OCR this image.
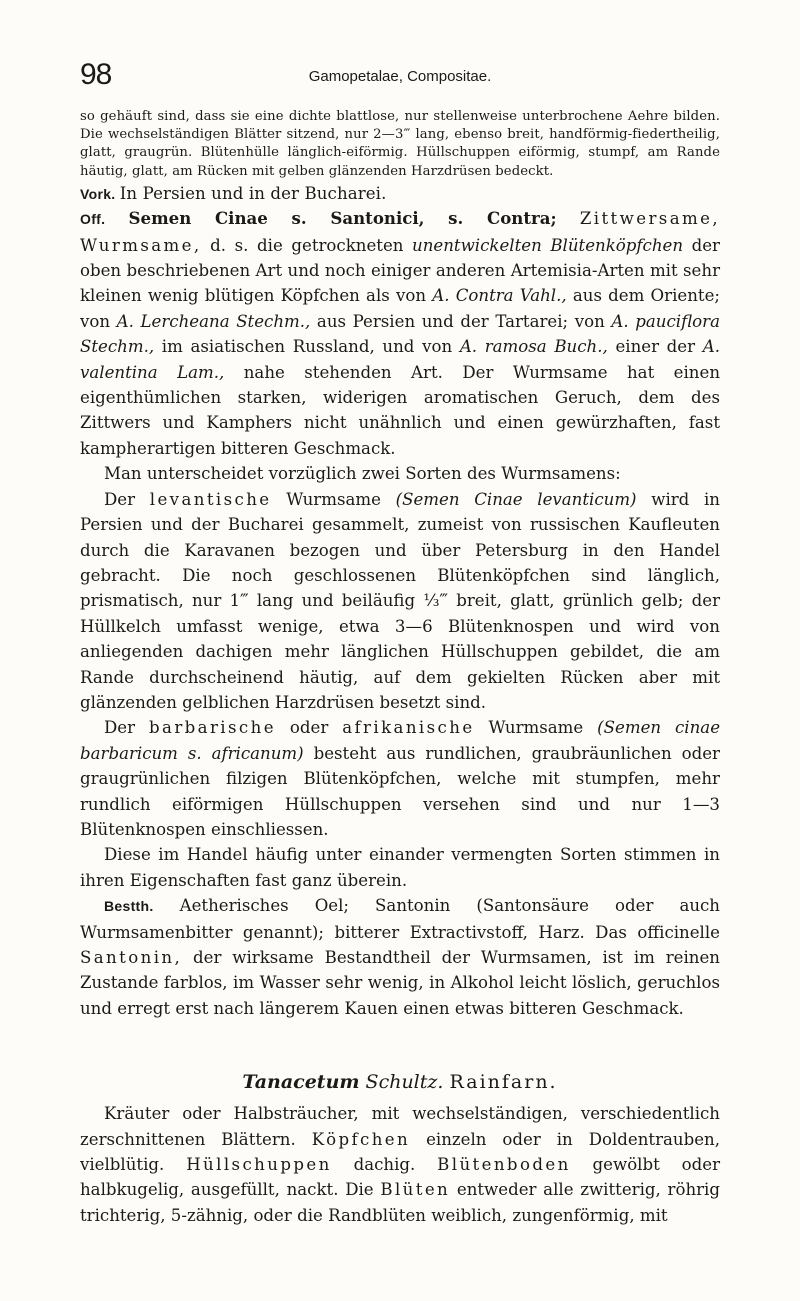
98	Gamopetalae, Compositae.

so gehäuft sind, dass sie eine dichte blattlose, nur stellenweise unterbrochene Aehre bilden. Die wechselständigen Blätter sitzend, nur 2—3‴ lang, ebenso breit, handförmig-fiedertheilig, glatt, graugrün. Blütenhülle länglich-eiförmig. Hüllschuppen eiförmig, stumpf, am Rande häutig, glatt, am Rücken mit gelben glänzenden Harzdrüsen bedeckt.

Vork. In Persien und in der Bucharei.

Off. Semen Cinae s. Santonici, s. Contra; Zittwersame, Wurmsame, d. s. die getrockneten unentwickelten Blütenköpfchen der oben beschriebenen Art und noch einiger anderen Artemisia-Arten mit sehr kleinen wenig blütigen Köpfchen als von A. Contra Vahl., aus dem Oriente; von A. Lercheana Stechm., aus Persien und der Tartarei; von A. pauciflora Stechm., im asiatischen Russland, und von A. ramosa Buch., einer der A. valentina Lam., nahe stehenden Art. Der Wurmsame hat einen eigenthümlichen starken, widerigen aromatischen Geruch, dem des Zittwers und Kamphers nicht unähnlich und einen gewürzhaften, fast kampherartigen bitteren Geschmack.

Man unterscheidet vorzüglich zwei Sorten des Wurmsamens:

Der levantische Wurmsame (Semen Cinae levanticum) wird in Persien und der Bucharei gesammelt, zumeist von russischen Kaufleuten durch die Karavanen bezogen und über Petersburg in den Handel gebracht. Die noch geschlossenen Blütenköpfchen sind länglich, prismatisch, nur 1‴ lang und beiläufig ⅓‴ breit, glatt, grünlich gelb; der Hüllkelch umfasst wenige, etwa 3—6 Blütenknospen und wird von anliegenden dachigen mehr länglichen Hüllschuppen gebildet, die am Rande durchscheinend häutig, auf dem gekielten Rücken aber mit glänzenden gelblichen Harzdrüsen besetzt sind.

Der barbarische oder afrikanische Wurmsame (Semen cinae barbaricum s. africanum) besteht aus rundlichen, graubräunlichen oder graugrünlichen filzigen Blütenköpfchen, welche mit stumpfen, mehr rundlich eiförmigen Hüllschuppen versehen sind und nur 1—3 Blütenknospen einschliessen.

Diese im Handel häufig unter einander vermengten Sorten stimmen in ihren Eigenschaften fast ganz überein.

Bestth. Aetherisches Oel; Santonin (Santonsäure oder auch Wurmsamenbitter genannt); bitterer Extractivstoff, Harz. Das officinelle Santonin, der wirksame Bestandtheil der Wurmsamen, ist im reinen Zustande farblos, im Wasser sehr wenig, in Alkohol leicht löslich, geruchlos und erregt erst nach längerem Kauen einen etwas bitteren Geschmack.

Tanacetum Schultz. Rainfarn.

Kräuter oder Halbsträucher, mit wechselständigen, verschiedentlich zerschnittenen Blättern. Köpfchen einzeln oder in Doldentrauben, vielblütig. Hüllschuppen dachig. Blütenboden gewölbt oder halbkugelig, ausgefüllt, nackt. Die Blüten entweder alle zwitterig, röhrig trichterig, 5-zähnig, oder die Randblüten weiblich, zungenförmig, mit
